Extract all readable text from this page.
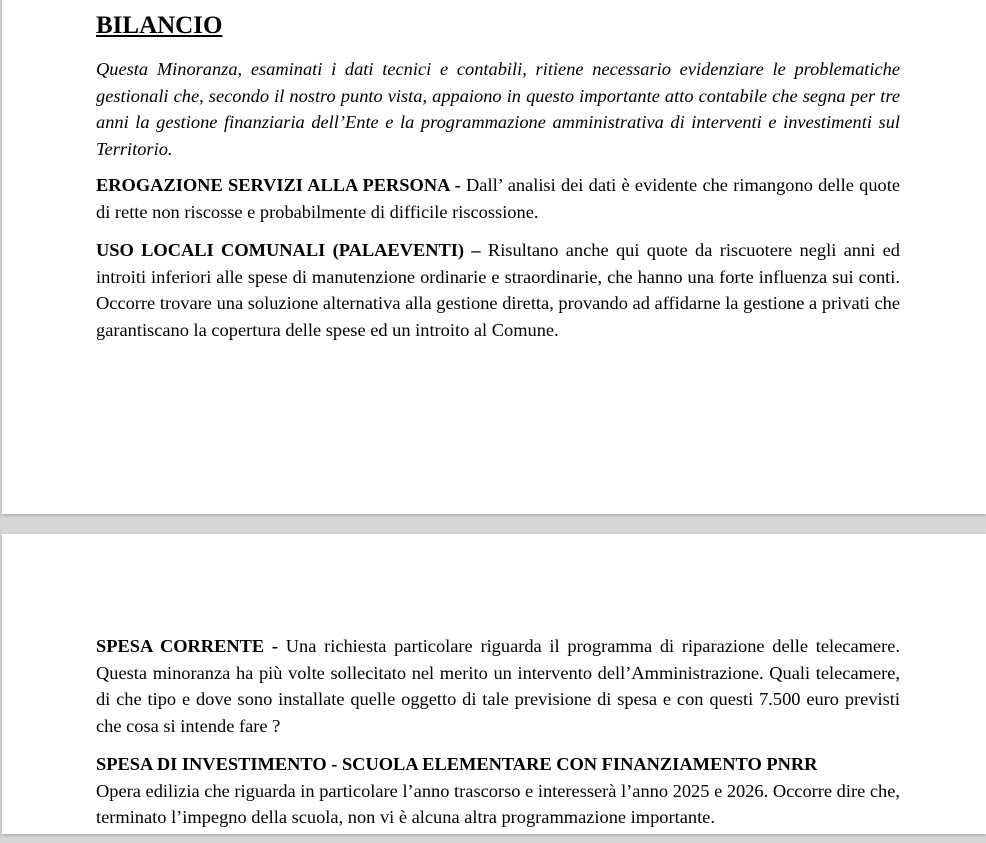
BILANCIO

Questa Minoranza, esaminati i dati tecnici e contabili, ritiene necessario evidenziare le problematiche gestionali che, secondo il nostro punto vista, appaiono in questo importante atto contabile che segna per tre anni la gestione finanziaria dell’Ente e la programmazione amministrativa di interventi e investimenti sul Territorio.

EROGAZIONE SERVIZI ALLA PERSONA - Dall’ analisi dei dati è evidente che rimangono delle quote di rette non riscosse e probabilmente di difficile riscossione.

USO LOCALI COMUNALI (PALAEVENTI) – Risultano anche qui quote da riscuotere negli anni ed introiti inferiori alle spese di manutenzione ordinarie e straordinarie, che hanno una forte influenza sui conti. Occorre trovare una soluzione alternativa alla gestione diretta, provando ad affidarne la gestione a privati che garantiscano la copertura delle spese ed un introito al Comune.

SPESA CORRENTE - Una richiesta particolare riguarda il programma di riparazione delle telecamere. Questa minoranza ha più volte sollecitato nel merito un intervento dell’Amministrazione. Quali telecamere, di che tipo e dove sono installate quelle oggetto di tale previsione di spesa e con questi 7.500 euro previsti che cosa si intende fare ?

SPESA DI INVESTIMENTO - SCUOLA ELEMENTARE CON FINANZIAMENTO PNRR

Opera edilizia che riguarda in particolare l’anno trascorso e interesserà l’anno 2025 e 2026. Occorre dire che, terminato l’impegno della scuola, non vi è alcuna altra programmazione importante.
